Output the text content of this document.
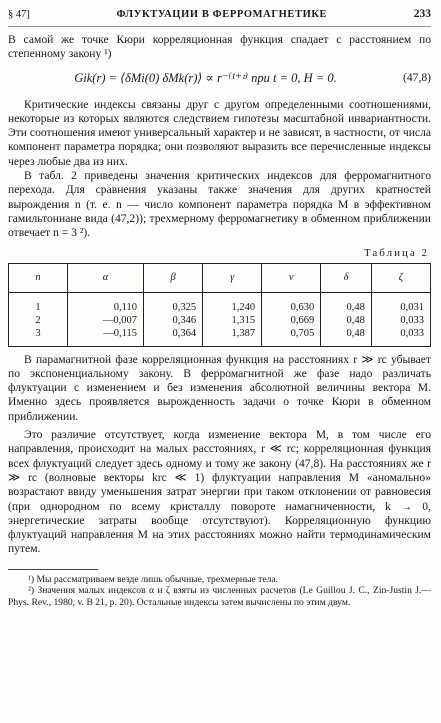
§ 47]	ФЛУКТУАЦИИ В ФЕРРОМАГНЕТИКЕ	233

В самой же точке Кюри корреляционная функция спадает с расстоянием по степенному закону ¹)

Gik(r) = ⟨δMi(0) δMk(r)⟩ ∝ r⁻⁽¹⁺ᶻ⁾ при t = 0, H = 0.	(47,8)

Критические индексы связаны друг с другом определенными соотношениями, некоторые из которых являются следствием гипотезы масштабной инвариантности. Эти соотношения имеют универсальный характер и не зависят, в частности, от числа компонент параметра порядка; они позволяют выразить все перечисленные индексы через любые два из них.

В табл. 2 приведены значения критических индексов для ферромагнитного перехода. Для сравнения указаны также значения для других кратностей вырождения n (т. е. n — число компонент параметра порядка M в эффективном гамильтониане вида (47,2)); трехмерному ферромагнетику в обменном приближении отвечает n = 3 ²).

Таблица 2
n	α	β	γ	ν	δ	ζ
1	0,110	0,325	1,240	0,630	0,48	0,031
2	—0,007	0,346	1,315	0,669	0,48	0,033
3	—0,115	0,364	1,387	0,705	0,48	0,033

В парамагнитной фазе корреляционная функция на расстояниях r ≫ rc убывает по экспоненциальному закону. В ферромагнитной же фазе надо различать флуктуации с изменением и без изменения абсолютной величины вектора M. Именно здесь проявляется вырожденность задачи о точке Кюри в обменном приближении.

Это различие отсутствует, когда изменение вектора M, в том числе его направления, происходит на малых расстояниях, r ≪ rc; корреляционная функция всех флуктуаций следует здесь одному и тому же закону (47,8). На расстояниях же r ≫ rc (волновые векторы krc ≪ 1) флуктуации направления M «аномально» возрастают ввиду уменьшения затрат энергии при таком отклонении от равновесия (при однородном по всему кристаллу повороте намагниченности, k → 0, энергетические затраты вообще отсутствуют). Корреляционную функцию флуктуаций направления M на этих расстояниях можно найти термодинамическим путем.

¹) Мы рассматриваем везде лишь обычные, трехмерные тела.

²) Значения малых индексов α и ζ взяты из численных расчетов (Le Guillou J. C., Zin-Justin J.—Phys. Rev., 1980, v. B 21, p. 20). Остальные индексы затем вычислены по этим двум.
